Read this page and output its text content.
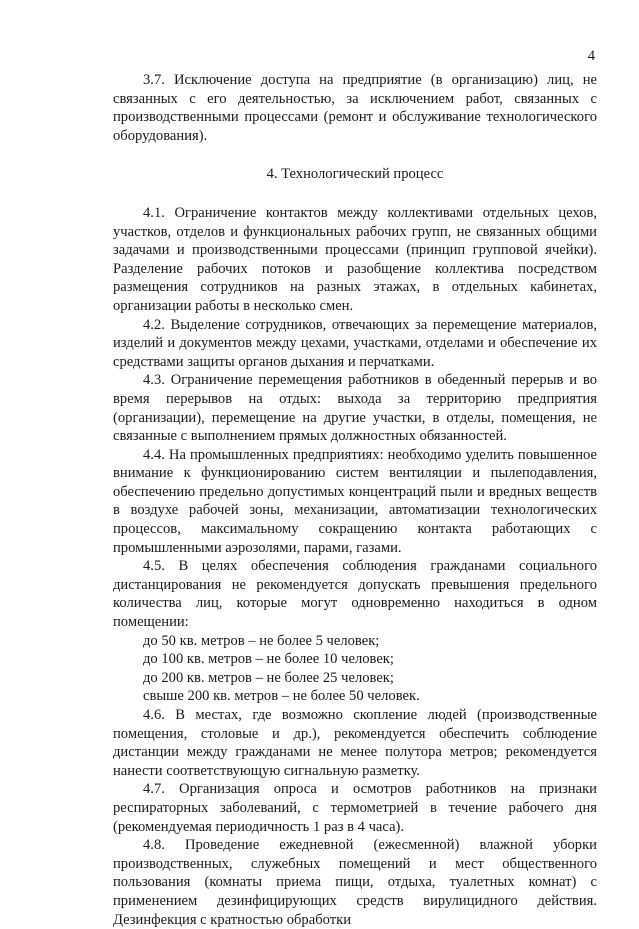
4

3.7. Исключение доступа на предприятие (в организацию) лиц, не связанных с его деятельностью, за исключением работ, связанных с производственными процессами (ремонт и обслуживание технологического оборудования).

4. Технологический процесс

4.1. Ограничение контактов между коллективами отдельных цехов, участков, отделов и функциональных рабочих групп, не связанных общими задачами и производственными процессами (принцип групповой ячейки). Разделение рабочих потоков и разобщение коллектива посредством размещения сотрудников на разных этажах, в отдельных кабинетах, организации работы в несколько смен.

4.2. Выделение сотрудников, отвечающих за перемещение материалов, изделий и документов между цехами, участками, отделами и обеспечение их средствами защиты органов дыхания и перчатками.

4.3. Ограничение перемещения работников в обеденный перерыв и во время перерывов на отдых: выхода за территорию предприятия (организации), перемещение на другие участки, в отделы, помещения, не связанные с выполнением прямых должностных обязанностей.

4.4. На промышленных предприятиях: необходимо уделить повышенное внимание к функционированию систем вентиляции и пылеподавления, обеспечению предельно допустимых концентраций пыли и вредных веществ в воздухе рабочей зоны, механизации, автоматизации технологических процессов, максимальному сокращению контакта работающих с промышленными аэрозолями, парами, газами.

4.5. В целях обеспечения соблюдения гражданами социального дистанцирования не рекомендуется допускать превышения предельного количества лиц, которые могут одновременно находиться в одном помещении:

до 50 кв. метров – не более 5 человек;

до 100 кв. метров – не более 10 человек;

до 200 кв. метров – не более 25 человек;

свыше 200 кв. метров – не более 50 человек.

4.6. В местах, где возможно скопление людей (производственные помещения, столовые и др.), рекомендуется обеспечить соблюдение дистанции между гражданами не менее полутора метров; рекомендуется нанести соответствующую сигнальную разметку.

4.7. Организация опроса и осмотров работников на признаки респираторных заболеваний, с термометрией в течение рабочего дня (рекомендуемая периодичность 1 раз в 4 часа).

4.8. Проведение ежедневной (ежесменной) влажной уборки производственных, служебных помещений и мест общественного пользования (комнаты приема пищи, отдыха, туалетных комнат) с применением дезинфицирующих средств вирулицидного действия. Дезинфекция с кратностью обработки
